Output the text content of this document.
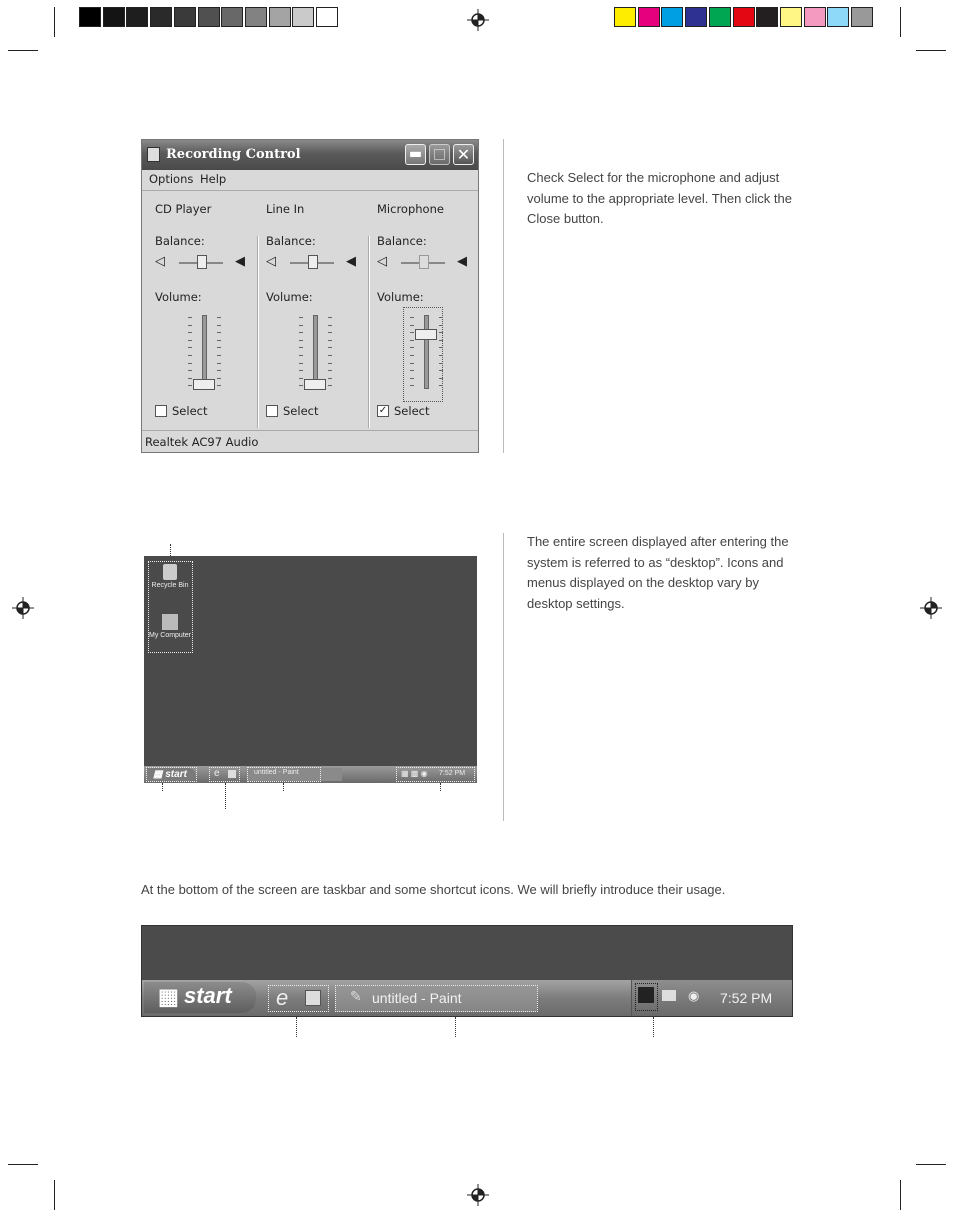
Recording Control	▬ □ ✕
Options Help
CD Player
Balance:
◁	◀
Volume:
Select
Line In
Balance:
◁	◀
Volume:
Select
Microphone
Balance:
◁	◀
Volume:
✓ Select
Realtek AC97 Audio
Check Select for the microphone and adjust volume to the appropriate level. Then click the Close button.
Recycle Bin
My Computer
▦ start	e	untitled - Paint	▦ ▩ ◉ 7:52 PM
The entire screen displayed after entering the system is referred to as “desktop”. Icons and menus displayed on the desktop vary by desktop settings.
At the bottom of the screen are taskbar and some shortcut icons. We will briefly introduce their usage.
▦ start e	✎ untitled - Paint	◉ 7:52 PM
